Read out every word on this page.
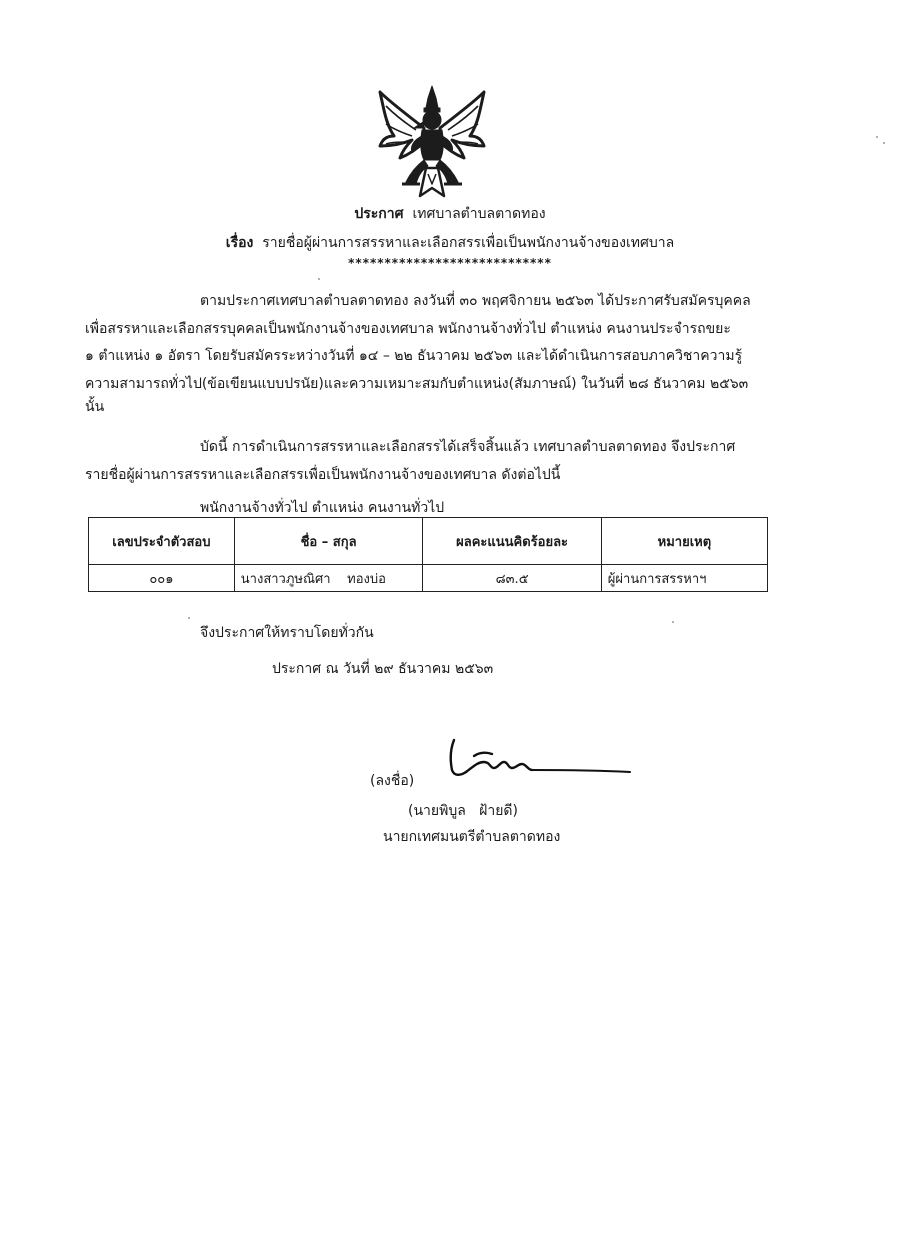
ประกาศ เทศบาลตำบลตาดทอง
เรื่อง รายชื่อผู้ผ่านการสรรหาและเลือกสรรเพื่อเป็นพนักงานจ้างของเทศบาล
****************************
ตามประกาศเทศบาลตำบลตาดทอง ลงวันที่ ๓๐ พฤศจิกายน ๒๕๖๓ ได้ประกาศรับสมัครบุคคล
เพื่อสรรหาและเลือกสรรบุคคลเป็นพนักงานจ้างของเทศบาล พนักงานจ้างทั่วไป ตำแหน่ง คนงานประจำรถขยะ
๑ ตำแหน่ง ๑ อัตรา โดยรับสมัครระหว่างวันที่ ๑๔ – ๒๒ ธันวาคม ๒๕๖๓ และได้ดำเนินการสอบภาควิชาความรู้
ความสามารถทั่วไป(ข้อเขียนแบบปรนัย)และความเหมาะสมกับตำแหน่ง(สัมภาษณ์) ในวันที่ ๒๘ ธันวาคม ๒๕๖๓
นั้น
บัดนี้ การดำเนินการสรรหาและเลือกสรรได้เสร็จสิ้นแล้ว เทศบาลตำบลตาดทอง จึงประกาศ
รายชื่อผู้ผ่านการสรรหาและเลือกสรรเพื่อเป็นพนักงานจ้างของเทศบาล ดังต่อไปนี้
พนักงานจ้างทั่วไป ตำแหน่ง คนงานทั่วไป
เลขประจำตัวสอบ	ชื่อ – สกุล	ผลคะแนนคิดร้อยละ	หมายเหตุ
๐๐๑	นางสาวภูษณิศา    ทองบ่อ	๘๓.๕	ผู้ผ่านการสรรหาฯ
จึงประกาศให้ทราบโดยทั่วกัน
ประกาศ ณ วันที่ ๒๙ ธันวาคม ๒๕๖๓
(ลงชื่อ)
(นายพิบูล   ฝ้ายดี)
นายกเทศมนตรีตำบลตาดทอง
